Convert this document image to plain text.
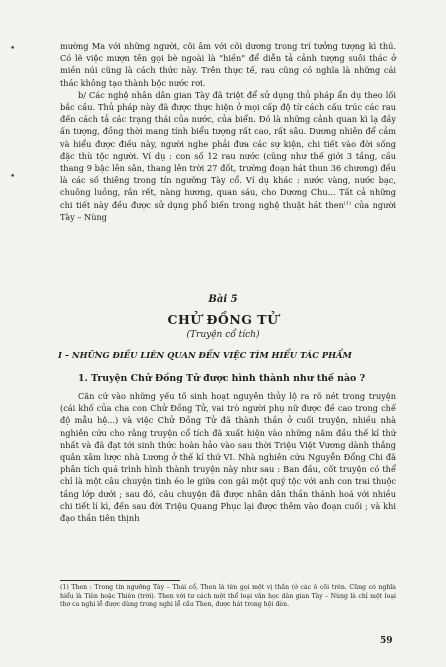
•
•

mường Ma với những người, cõi âm với cõi dương trong trí tưởng tượng kì thú. Có lẽ việc mượn tên gọi bè ngoài là "hiền" để diễn tả cảnh tượng suôi thác ở miền núi cũng là cách thức này. Trên thực tế, rau cũng có nghĩa là những cái thác không tạo thành bộc nước rơi.

b/ Các nghệ nhân dân gian Tày đã triệt để sử dụng thủ pháp ẩn dụ theo lối bắc cầu. Thủ pháp này đã được thực hiện ở mọi cấp độ từ cách cấu trúc các rau đến cách tả các trạng thái của nước, của biển. Đó là những cảnh quan kì lạ đầy ấn tượng, đồng thời mang tính biểu tượng rất cao, rất sâu. Dương nhiên để cảm và hiểu được điều này, người nghe phải đưa các sự kiện, chi tiết vào đời sống đặc thù tộc người. Ví dụ : con số 12 rau nước (cũng như thế giới 3 tầng, cầu thang 9 bậc lên sân, thang lên trời 27 đốt, trường đoạn hát thun 36 chương) đều là các số thiêng trong tín ngưỡng Tày cổ. Ví dụ khác : nước vàng, nước bạc, chuông luồng, rắn rết, nàng hương, quan sáu, cho Dương Chu... Tất cả những chi tiết này đều được sử dụng phổ biến trong nghệ thuật hát then$^{(1)}$ của người Tày – Nùng

Bài 5
CHỬ ĐỒNG TỬ
(Truyện cổ tích)
I – NHỮNG ĐIỀU LIÊN QUAN ĐẾN VIỆC TÌM HIỂU TÁC PHẨM
1. Truyện Chử Đồng Tử được hình thành như thế nào ?

Căn cứ vào những yếu tố sinh hoạt nguyên thủy lộ ra rõ nét trong truyện (cái khố của cha con Chử Đồng Tử, vai trò người phụ nữ được đề cao trong chế độ mẫu hệ...) và việc Chử Đồng Tử đã thành thần ở cuối truyện, nhiều nhà nghiên cứu cho rằng truyện cổ tích đã xuất hiện vào những năm đầu thế kỉ thứ nhất và đã đạt tới sinh thức hoàn hảo vào sau thời Triệu Việt Vương dành thắng quân xâm lược nhà Lương ở thế kỉ thứ VI. Nhà nghiên cứu Nguyễn Đổng Chi đã phân tích quá trình hình thành truyện này như sau : Ban đầu, cốt truyện có thể chỉ là một câu chuyện tình éo le giữa con gái một quý tộc với anh con trai thuộc tầng lớp dưới ; sau đó, câu chuyện đã được nhân dân thần thánh hoá với nhiều chi tiết lí kì, đến sau đời Triệu Quang Phục lại được thêm vào đoạn cuối ; và khi đạo thần tiên thịnh

(1) Then : Trong tín ngưỡng Tày – Thái cổ, Then là tên gọi một vị thần (ở các ô cõi trên. Cũng có nghĩa hiểu là Tiên hoặc Thiên (trời). Then với tư cách một thể loại văn học dân gian Tày – Nùng là chỉ một loại thơ ca nghi lễ được dùng trong nghi lễ cầu Then, được hát trong hội đèn.

59
